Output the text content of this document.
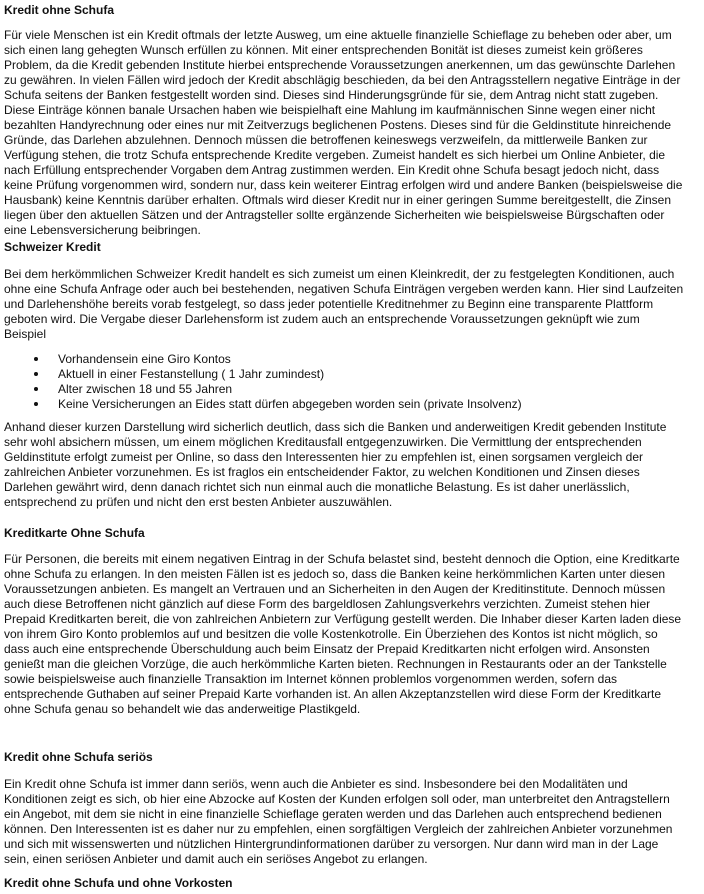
Kredit ohne Schufa
Für viele Menschen ist ein Kredit oftmals der letzte Ausweg, um eine aktuelle finanzielle Schieflage zu beheben oder aber, um
sich einen lang gehegten Wunsch erfüllen zu können. Mit einer entsprechenden Bonität ist dieses zumeist kein größeres
Problem, da die Kredit gebenden Institute hierbei entsprechende Voraussetzungen anerkennen, um das gewünschte Darlehen
zu gewähren. In vielen Fällen wird jedoch der Kredit abschlägig beschieden, da bei den Antragsstellern negative Einträge in der
Schufa seitens der Banken festgestellt worden sind. Dieses sind Hinderungsgründe für sie, dem Antrag nicht statt zugeben.
Diese Einträge können banale Ursachen haben wie beispielhaft eine Mahlung im kaufmännischen Sinne wegen einer nicht
bezahlten Handyrechnung oder eines nur mit Zeitverzugs beglichenen Postens. Dieses sind für die Geldinstitute hinreichende
Gründe, das Darlehen abzulehnen. Dennoch müssen die betroffenen keineswegs verzweifeln, da mittlerweile Banken zur
Verfügung stehen, die trotz Schufa entsprechende Kredite vergeben. Zumeist handelt es sich hierbei um Online Anbieter, die
nach Erfüllung entsprechender Vorgaben dem Antrag zustimmen werden. Ein Kredit ohne Schufa besagt jedoch nicht, dass
keine Prüfung vorgenommen wird, sondern nur, dass kein weiterer Eintrag erfolgen wird und andere Banken (beispielsweise die
Hausbank) keine Kenntnis darüber erhalten. Oftmals wird dieser Kredit nur in einer geringen Summe bereitgestellt, die Zinsen
liegen über den aktuellen Sätzen und der Antragsteller sollte ergänzende Sicherheiten wie beispielsweise Bürgschaften oder
eine Lebensversicherung beibringen.
Schweizer Kredit
Bei dem herkömmlichen Schweizer Kredit handelt es sich zumeist um einen Kleinkredit, der zu festgelegten Konditionen, auch
ohne eine Schufa Anfrage oder auch bei bestehenden, negativen Schufa Einträgen vergeben werden kann. Hier sind Laufzeiten
und Darlehenshöhe bereits vorab festgelegt, so dass jeder potentielle Kreditnehmer zu Beginn eine transparente Plattform
geboten wird. Die Vergabe dieser Darlehensform ist zudem auch an entsprechende Voraussetzungen geknüpft wie zum
Beispiel
Vorhandensein eine Giro Kontos
Aktuell in einer Festanstellung ( 1 Jahr zumindest)
Alter zwischen 18 und 55 Jahren
Keine Versicherungen an Eides statt dürfen abgegeben worden sein (private Insolvenz)
Anhand dieser kurzen Darstellung wird sicherlich deutlich, dass sich die Banken und anderweitigen Kredit gebenden Institute
sehr wohl absichern müssen, um einem möglichen Kreditausfall entgegenzuwirken. Die Vermittlung der entsprechenden
Geldinstitute erfolgt zumeist per Online, so dass den Interessenten hier zu empfehlen ist, einen sorgsamen vergleich der
zahlreichen Anbieter vorzunehmen. Es ist fraglos ein entscheidender Faktor, zu welchen Konditionen und Zinsen dieses
Darlehen gewährt wird, denn danach richtet sich nun einmal auch die monatliche Belastung. Es ist daher unerlässlich,
entsprechend zu prüfen und nicht den erst besten Anbieter auszuwählen.
Kreditkarte Ohne Schufa
Für Personen, die bereits mit einem negativen Eintrag in der Schufa belastet sind, besteht dennoch die Option, eine Kreditkarte
ohne Schufa zu erlangen. In den meisten Fällen ist es jedoch so, dass die Banken keine herkömmlichen Karten unter diesen
Voraussetzungen anbieten. Es mangelt an Vertrauen und an Sicherheiten in den Augen der Kreditinstitute. Dennoch müssen
auch diese Betroffenen nicht gänzlich auf diese Form des bargeldlosen Zahlungsverkehrs verzichten. Zumeist stehen hier
Prepaid Kreditkarten bereit, die von zahlreichen Anbietern zur Verfügung gestellt werden. Die Inhaber dieser Karten laden diese
von ihrem Giro Konto problemlos auf und besitzen die volle Kostenkotrolle. Ein Überziehen des Kontos ist nicht möglich, so
dass auch eine entsprechende Überschuldung auch beim Einsatz der Prepaid Kreditkarten nicht erfolgen wird. Ansonsten
genießt man die gleichen Vorzüge, die auch herkömmliche Karten bieten. Rechnungen in Restaurants oder an der Tankstelle
sowie beispielsweise auch finanzielle Transaktion im Internet können problemlos vorgenommen werden, sofern das
entsprechende Guthaben auf seiner Prepaid Karte vorhanden ist. An allen Akzeptanzstellen wird diese Form der Kreditkarte
ohne Schufa genau so behandelt wie das anderweitige Plastikgeld.
Kredit ohne Schufa seriös
Ein Kredit ohne Schufa ist immer dann seriös, wenn auch die Anbieter es sind. Insbesondere bei den Modalitäten und
Konditionen zeigt es sich, ob hier eine Abzocke auf Kosten der Kunden erfolgen soll oder, man unterbreitet den Antragstellern
ein Angebot, mit dem sie nicht in eine finanzielle Schieflage geraten werden und das Darlehen auch entsprechend bedienen
können. Den Interessenten ist es daher nur zu empfehlen, einen sorgfältigen Vergleich der zahlreichen Anbieter vorzunehmen
und sich mit wissenswerten und nützlichen Hintergrundinformationen darüber zu versorgen. Nur dann wird man in der Lage
sein, einen seriösen Anbieter und damit auch ein seriöses Angebot zu erlangen.
Kredit ohne Schufa und ohne Vorkosten
